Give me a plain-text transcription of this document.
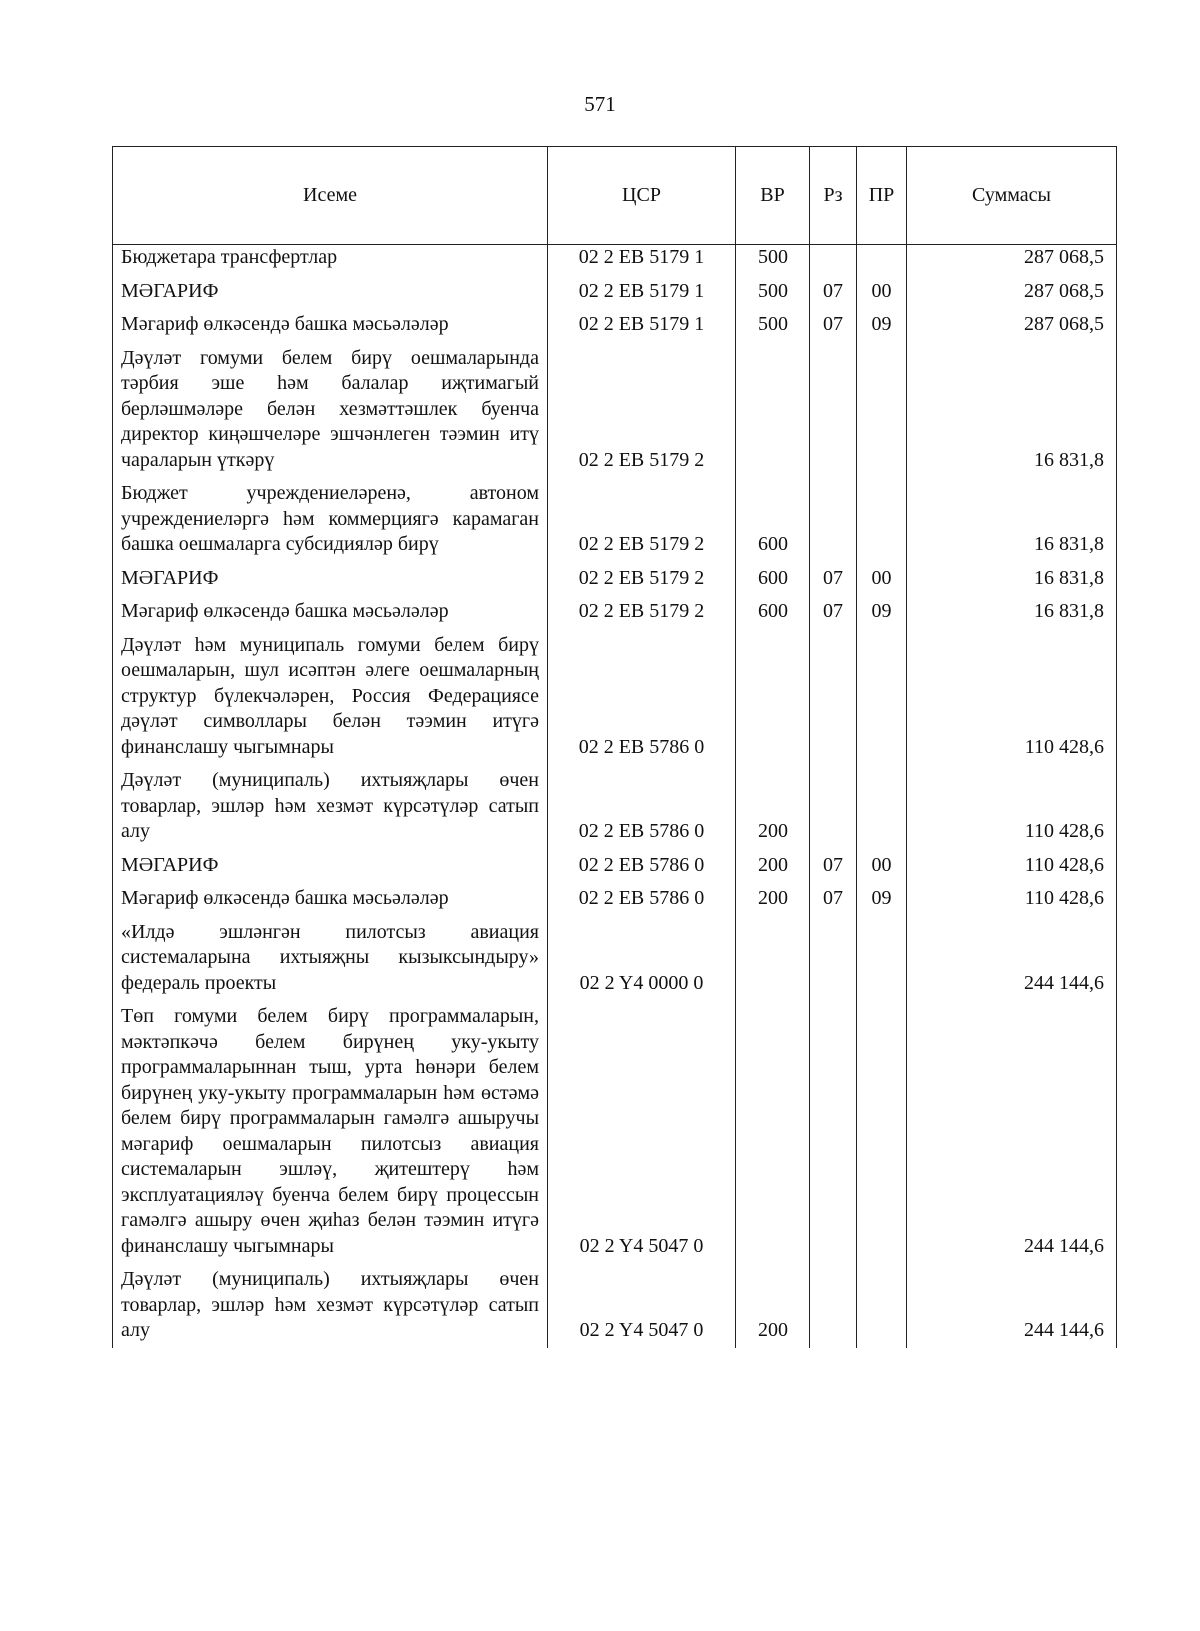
571
Исеме	ЦСР	ВР	Рз	ПР	Суммасы
Бюджетара трансфертлар	02 2 ЕВ 5179 1	500			287 068,5
МӘГАРИФ	02 2 ЕВ 5179 1	500	07	00	287 068,5
Мәгариф өлкәсендә башка мәсьәләләр	02 2 ЕВ 5179 1	500	07	09	287 068,5
Дәүләт гомуми белем бирү оешмаларында тәрбия эше һәм балалар иҗтимагый берләшмәләре белән хезмәттәшлек буенча директор киңәшчеләре эшчәнлеген тәэмин итү чараларын үткәрү	02 2 ЕВ 5179 2				16 831,8
Бюджет учреждениеләренә, автоном учреждениеләргә һәм коммерциягә карамаган башка оешмаларга субсидияләр бирү	02 2 ЕВ 5179 2	600			16 831,8
МӘГАРИФ	02 2 ЕВ 5179 2	600	07	00	16 831,8
Мәгариф өлкәсендә башка мәсьәләләр	02 2 ЕВ 5179 2	600	07	09	16 831,8
Дәүләт һәм муниципаль гомуми белем бирү оешмаларын, шул исәптән әлеге оешмаларның структур бүлекчәләрен, Россия Федерациясе дәүләт символлары белән тәэмин итүгә финанслашу чыгымнары	02 2 ЕВ 5786 0				110 428,6
Дәүләт (муниципаль) ихтыяҗлары өчен товарлар, эшләр һәм хезмәт күрсәтүләр сатып алу	02 2 ЕВ 5786 0	200			110 428,6
МӘГАРИФ	02 2 ЕВ 5786 0	200	07	00	110 428,6
Мәгариф өлкәсендә башка мәсьәләләр	02 2 ЕВ 5786 0	200	07	09	110 428,6
«Илдә эшләнгән пилотсыз авиация системаларына ихтыяҗны кызыксындыру» федераль проекты	02 2 Y4 0000 0				244 144,6
Төп гомуми белем бирү программаларын, мәктәпкәчә белем бирүнең уку-укыту программаларыннан тыш, урта һөнәри белем бирүнең уку-укыту программаларын һәм өстәмә белем бирү программаларын гамәлгә ашыручы мәгариф оешмаларын пилотсыз авиация системаларын эшләү, җитештерү һәм эксплуатацияләү буенча белем бирү процессын гамәлгә ашыру өчен җиһаз белән тәэмин итүгә финанслашу чыгымнары	02 2 Y4 5047 0				244 144,6
Дәүләт (муниципаль) ихтыяҗлары өчен товарлар, эшләр һәм хезмәт күрсәтүләр сатып алу	02 2 Y4 5047 0	200			244 144,6
